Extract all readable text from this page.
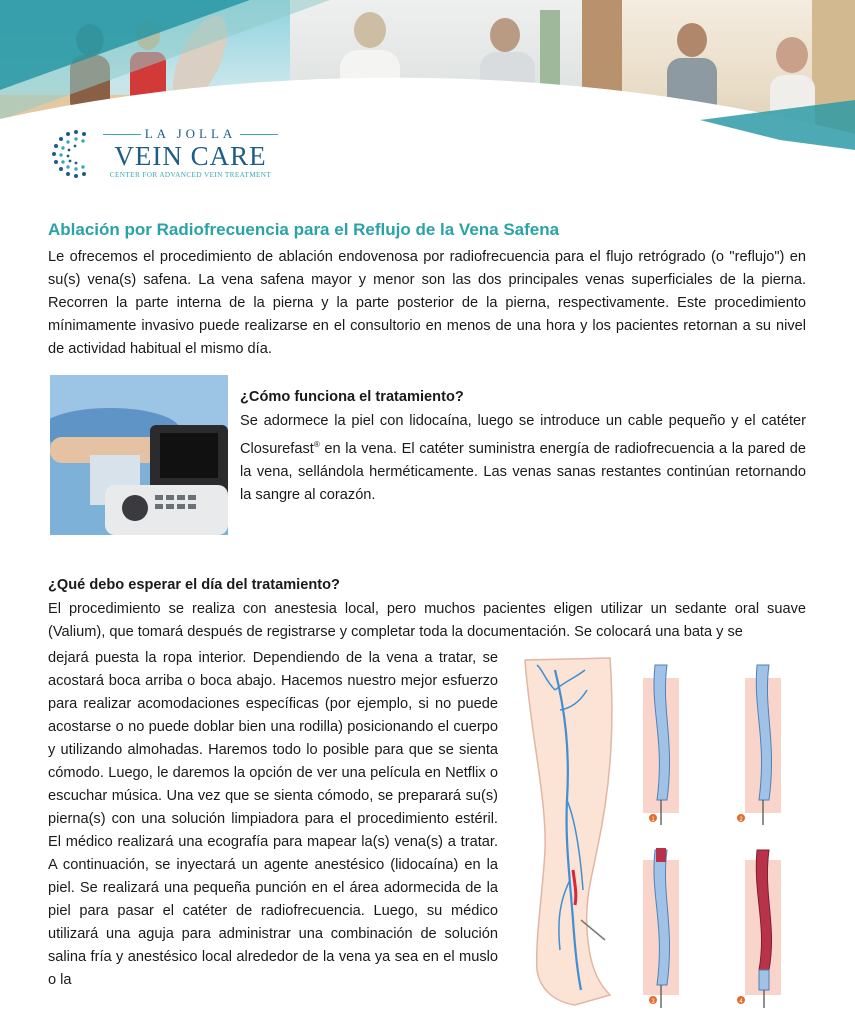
LA JOLLA
VEIN CARE
CENTER FOR ADVANCED VEIN TREATMENT
Ablación por Radiofrecuencia para el Reflujo de la Vena Safena

Le ofrecemos el procedimiento de ablación endovenosa por radiofrecuencia para el flujo retrógrado (o "reflujo") en su(s) vena(s) safena. La vena safena mayor y menor son las dos principales venas superficiales de la pierna. Recorren la parte interna de la pierna y la parte posterior de la pierna, respectivamente. Este procedimiento mínimamente invasivo puede realizarse en el consultorio en menos de una hora y los pacientes retornan a su nivel de actividad habitual el mismo día.

¿Cómo funciona el tratamiento?

Se adormece la piel con lidocaína, luego se introduce un cable pequeño y el catéter Closurefast® en la vena. El catéter suministra energía de radiofrecuencia a la pared de la vena, sellándola herméticamente. Las venas sanas restantes continúan retornando la sangre al corazón.

¿Qué debo esperar el día del tratamiento?

El procedimiento se realiza con anestesia local, pero muchos pacientes eligen utilizar un sedante oral suave (Valium), que tomará después de registrarse y completar toda la documentación. Se colocará una bata y se

dejará puesta la ropa interior. Dependiendo de la vena a tratar, se acostará boca arriba o boca abajo. Hacemos nuestro mejor esfuerzo para realizar acomodaciones específicas (por ejemplo, si no puede acostarse o no puede doblar bien una rodilla) posicionando el cuerpo y utilizando almohadas. Haremos todo lo posible para que se sienta cómodo. Luego, le daremos la opción de ver una película en Netflix o escuchar música. Una vez que se sienta cómodo, se preparará su(s) pierna(s) con una solución limpiadora para el procedimiento estéril. El médico realizará una ecografía para mapear la(s) vena(s) a tratar. A continuación, se inyectará un agente anestésico (lidocaína) en la piel. Se realizará una pequeña punción en el área adormecida de la piel para pasar el catéter de radiofrecuencia. Luego, su médico utilizará una aguja para administrar una combinación de solución salina fría y anestésico local alrededor de la vena ya sea en el muslo o la

1	2
3	4
